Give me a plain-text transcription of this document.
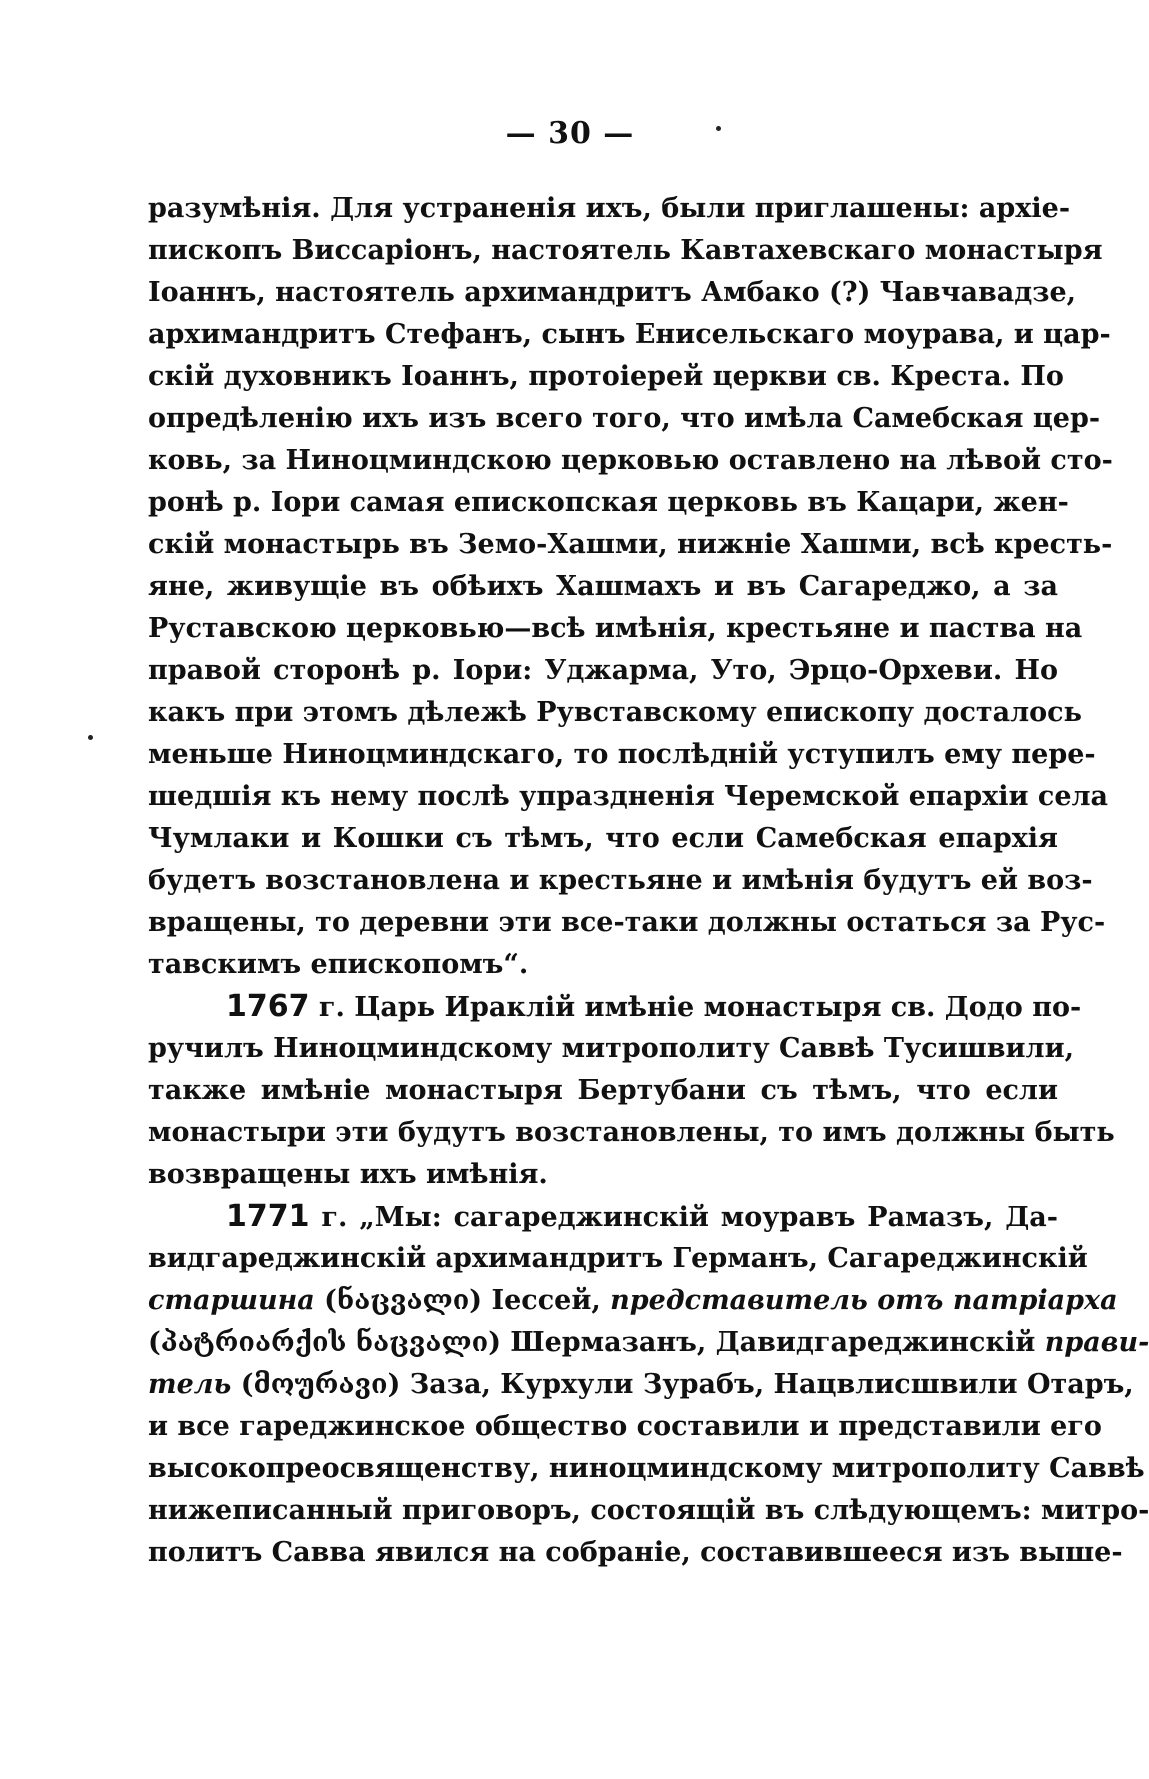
— 30 —
разумѣнія. Для устраненія ихъ, были приглашены: архіе-
пископъ Виссаріонъ, настоятель Кавтахевскаго монастыря
Іоаннъ, настоятель архимандритъ Амбако (?) Чавчавадзе,
архимандритъ Стефанъ, сынъ Енисельскаго моурава, и цар-
скій духовникъ Іоаннъ, протоіерей церкви св. Креста. По
опредѣленію ихъ изъ всего того, что имѣла Самебская цер-
ковь, за Ниноцминдскою церковью оставлено на лѣвой сто-
ронѣ р. Іори самая епископская церковь въ Кацари, жен-
скій монастырь въ Земо-Хашми, нижніе Хашми, всѣ кресть-
яне, живущіе въ обѣихъ Хашмахъ и въ Сагареджо, а за
Руставскою церковью—всѣ имѣнія, крестьяне и паства на
правой сторонѣ р. Іори: Уджарма, Уто, Эрцо-Орхеви. Но
какъ при этомъ дѣлежѣ Рувставскому епископу досталось
меньше Ниноцминдскаго, то послѣдній уступилъ ему пере-
шедшія къ нему послѣ упраздненія Черемской епархіи села
Чумлаки и Кошки съ тѣмъ, что если Самебская епархія
будетъ возстановлена и крестьяне и имѣнія будутъ ей воз-
вращены, то деревни эти все-таки должны остаться за Рус-
тавскимъ епископомъ“.
1767 г. Царь Ираклій имѣніе монастыря св. Додо по-
ручилъ Ниноцминдскому митрополиту Саввѣ Тусишвили,
также имѣніе монастыря Бертубани съ тѣмъ, что если
монастыри эти будутъ возстановлены, то имъ должны быть
возвращены ихъ имѣнія.
1771 г. „Мы: сагареджинскій моуравъ Рамазъ, Да-
видгареджинскій архимандритъ Германъ, Сагареджинскій
старшина (ნაცვალი) Іессей, представитель отъ патріарха
(პატრიარქის ნაცვალი) Шермазанъ, Давидгареджинскій прави-
тель (მოურავი) Заза, Курхули Зурабъ, Нацвлисшвили Отаръ,
и все гареджинское общество составили и представили его
высокопреосвященству, ниноцминдскому митрополиту Саввѣ
нижеписанный приговоръ, состоящій въ слѣдующемъ: митро-
политъ Савва явился на собраніе, составившееся изъ выше-
